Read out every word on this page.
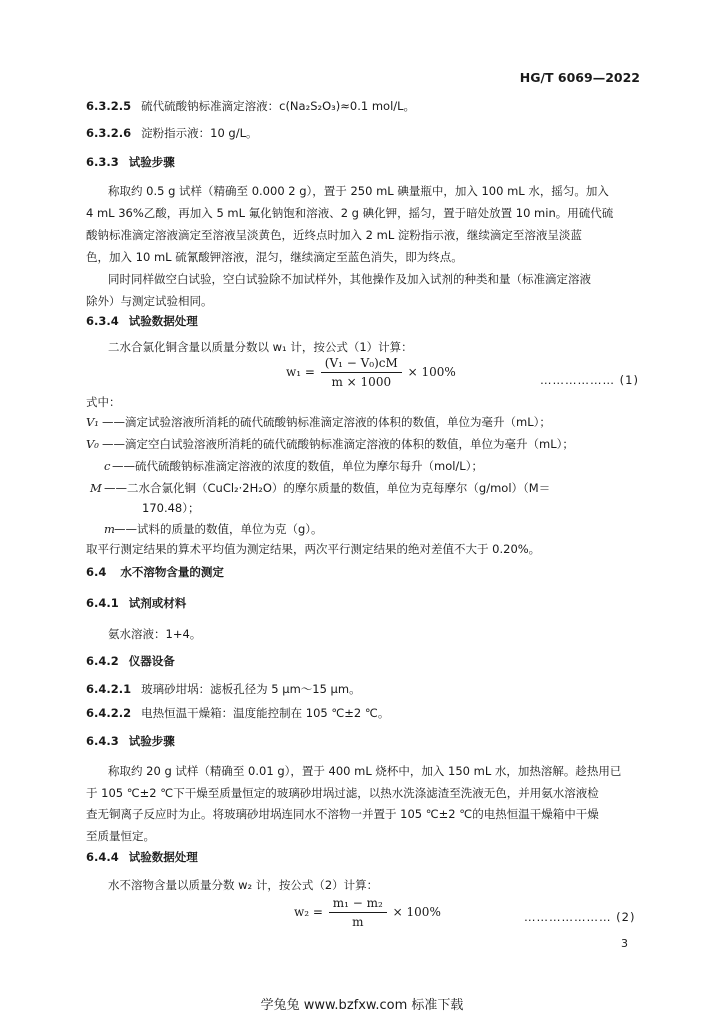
HG/T 6069—2022
6.3.2.5 硫代硫酸钠标准滴定溶液：c(Na₂S₂O₃)≈0.1 mol/L。
6.3.2.6 淀粉指示液：10 g/L。
6.3.3 试验步骤
称取约 0.5 g 试样（精确至 0.000 2 g），置于 250 mL 碘量瓶中，加入 100 mL 水，摇匀。加入
4 mL 36%乙酸，再加入 5 mL 氟化钠饱和溶液、2 g 碘化钾，摇匀，置于暗处放置 10 min。用硫代硫
酸钠标准滴定溶液滴定至溶液呈淡黄色，近终点时加入 2 mL 淀粉指示液，继续滴定至溶液呈淡蓝
色，加入 10 mL 硫氰酸钾溶液，混匀，继续滴定至蓝色消失，即为终点。
同时同样做空白试验，空白试验除不加试样外，其他操作及加入试剂的种类和量（标准滴定溶液
除外）与测定试验相同。
6.3.4 试验数据处理
二水合氯化铜含量以质量分数以 w₁ 计，按公式（1）计算：
$w_1 = \frac{\text{(V₁ − V₀)cM}}{m \times 1000} \times 100\%$
……………… (1)
式中：
V₁ ——滴定试验溶液所消耗的硫代硫酸钠标准滴定溶液的体积的数值，单位为毫升（mL）；
V₀ ——滴定空白试验溶液所消耗的硫代硫酸钠标准滴定溶液的体积的数值，单位为毫升（mL）；
c ——硫代硫酸钠标准滴定溶液的浓度的数值，单位为摩尔每升（mol/L）；
M ——二水合氯化铜（CuCl₂·2H₂O）的摩尔质量的数值，单位为克每摩尔（g/mol）（M＝
170.48）；
m——试料的质量的数值，单位为克（g）。
取平行测定结果的算术平均值为测定结果，两次平行测定结果的绝对差值不大于 0.20%。
6.4 水不溶物含量的测定
6.4.1 试剂或材料
氨水溶液：1+4。
6.4.2 仪器设备
6.4.2.1 玻璃砂坩埚：滤板孔径为 5 μm～15 μm。
6.4.2.2 电热恒温干燥箱：温度能控制在 105 ℃±2 ℃。
6.4.3 试验步骤
称取约 20 g 试样（精确至 0.01 g），置于 400 mL 烧杯中，加入 150 mL 水，加热溶解。趁热用已
于 105 ℃±2 ℃下干燥至质量恒定的玻璃砂坩埚过滤，以热水洗涤滤渣至洗液无色，并用氨水溶液检
查无铜离子反应时为止。将玻璃砂坩埚连同水不溶物一并置于 105 ℃±2 ℃的电热恒温干燥箱中干燥
至质量恒定。
6.4.4 试验数据处理
水不溶物含量以质量分数 w₂ 计，按公式（2）计算：
$w_2 = \frac{\text{m₁ − m₂}}{m} \times 100\%$	………………… (2)
3
学兔兔 www.bzfxw.com 标准下载
